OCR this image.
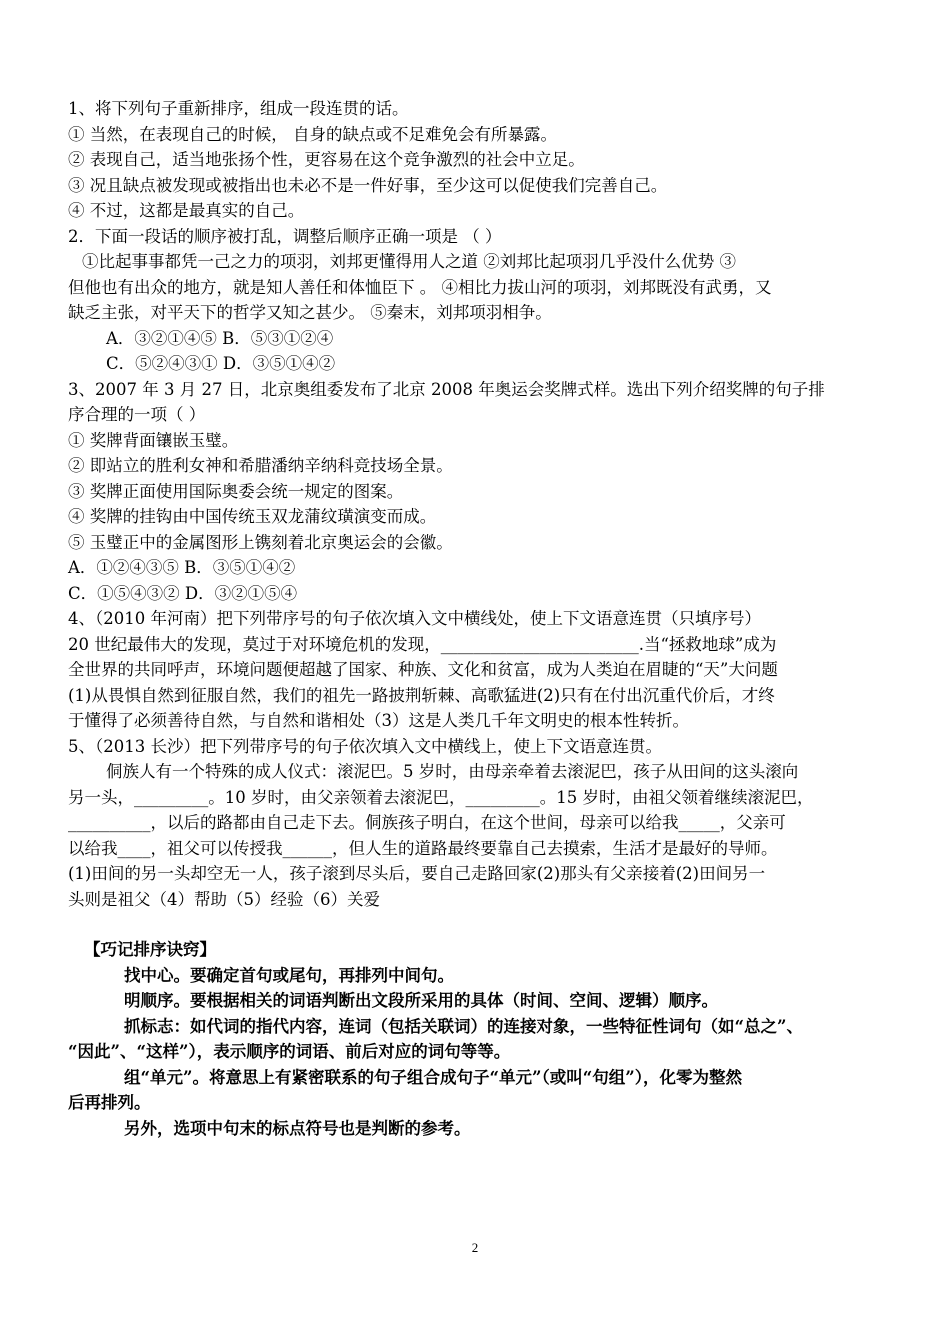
1、将下列句子重新排序，组成一段连贯的话。
① 当然，在表现自己的时候， 自身的缺点或不足难免会有所暴露。
② 表现自己，适当地张扬个性，更容易在这个竞争激烈的社会中立足。
③ 况且缺点被发现或被指出也未必不是一件好事，至少这可以促使我们完善自己。
④ 不过，这都是最真实的自己。
2．下面一段话的顺序被打乱，调整后顺序正确一项是 （ ）
①比起事事都凭一己之力的项羽，刘邦更懂得用人之道 ②刘邦比起项羽几乎没什么优势 ③
但他也有出众的地方，就是知人善任和体恤臣下 。 ④相比力拔山河的项羽，刘邦既没有武勇，又
缺乏主张，对平天下的哲学又知之甚少。 ⑤秦末，刘邦项羽相争。
A．③②①④⑤ B．⑤③①②④
C．⑤②④③① D．③⑤①④②
3、2007 年 3 月 27 日，北京奥组委发布了北京 2008 年奥运会奖牌式样。选出下列介绍奖牌的句子排
序合理的一项（ ）
① 奖牌背面镶嵌玉璧。
② 即站立的胜利女神和希腊潘纳辛纳科竞技场全景。
③ 奖牌正面使用国际奥委会统一规定的图案。
④ 奖牌的挂钩由中国传统玉双龙蒲纹璜演变而成。
⑤ 玉璧正中的金属图形上镌刻着北京奥运会的会徽。
A．①②④③⑤ B．③⑤①④②
C．①⑤④③② D．③②①⑤④
4、（2010 年河南）把下列带序号的句子依次填入文中横线处，使上下文语意连贯（只填序号）
20 世纪最伟大的发现，莫过于对环境危机的发现，________________________.当“拯救地球”成为
全世界的共同呼声，环境问题便超越了国家、种族、文化和贫富，成为人类迫在眉睫的“天”大问题
(1)从畏惧自然到征服自然，我们的祖先一路披荆斩棘、高歌猛进(2)只有在付出沉重代价后，才终
于懂得了必须善待自然，与自然和谐相处（3）这是人类几千年文明史的根本性转折。
5、（2013 长沙）把下列带序号的句子依次填入文中横线上，使上下文语意连贯。
侗族人有一个特殊的成人仪式：滚泥巴。5 岁时，由母亲牵着去滚泥巴，孩子从田间的这头滚向
另一头，_________。10 岁时，由父亲领着去滚泥巴，_________。15 岁时，由祖父领着继续滚泥巴，
__________，以后的路都由自己走下去。侗族孩子明白，在这个世间，母亲可以给我_____，父亲可
以给我____，祖父可以传授我______，但人生的道路最终要靠自己去摸索，生活才是最好的导师。
(1)田间的另一头却空无一人，孩子滚到尽头后，要自己走路回家(2)那头有父亲接着(2)田间另一
头则是祖父（4）帮助（5）经验（6）关爱
【巧记排序诀窍】
找中心。要确定首句或尾句，再排列中间句。
明顺序。要根据相关的词语判断出文段所采用的具体（时间、空间、逻辑）顺序。
抓标志：如代词的指代内容，连词（包括关联词）的连接对象，一些特征性词句（如“总之”、
“因此”、“这样”），表示顺序的词语、前后对应的词句等等。
组“单元”。将意思上有紧密联系的句子组合成句子“单元”（或叫“句组”），化零为整然
后再排列。
另外，选项中句末的标点符号也是判断的参考。
2
